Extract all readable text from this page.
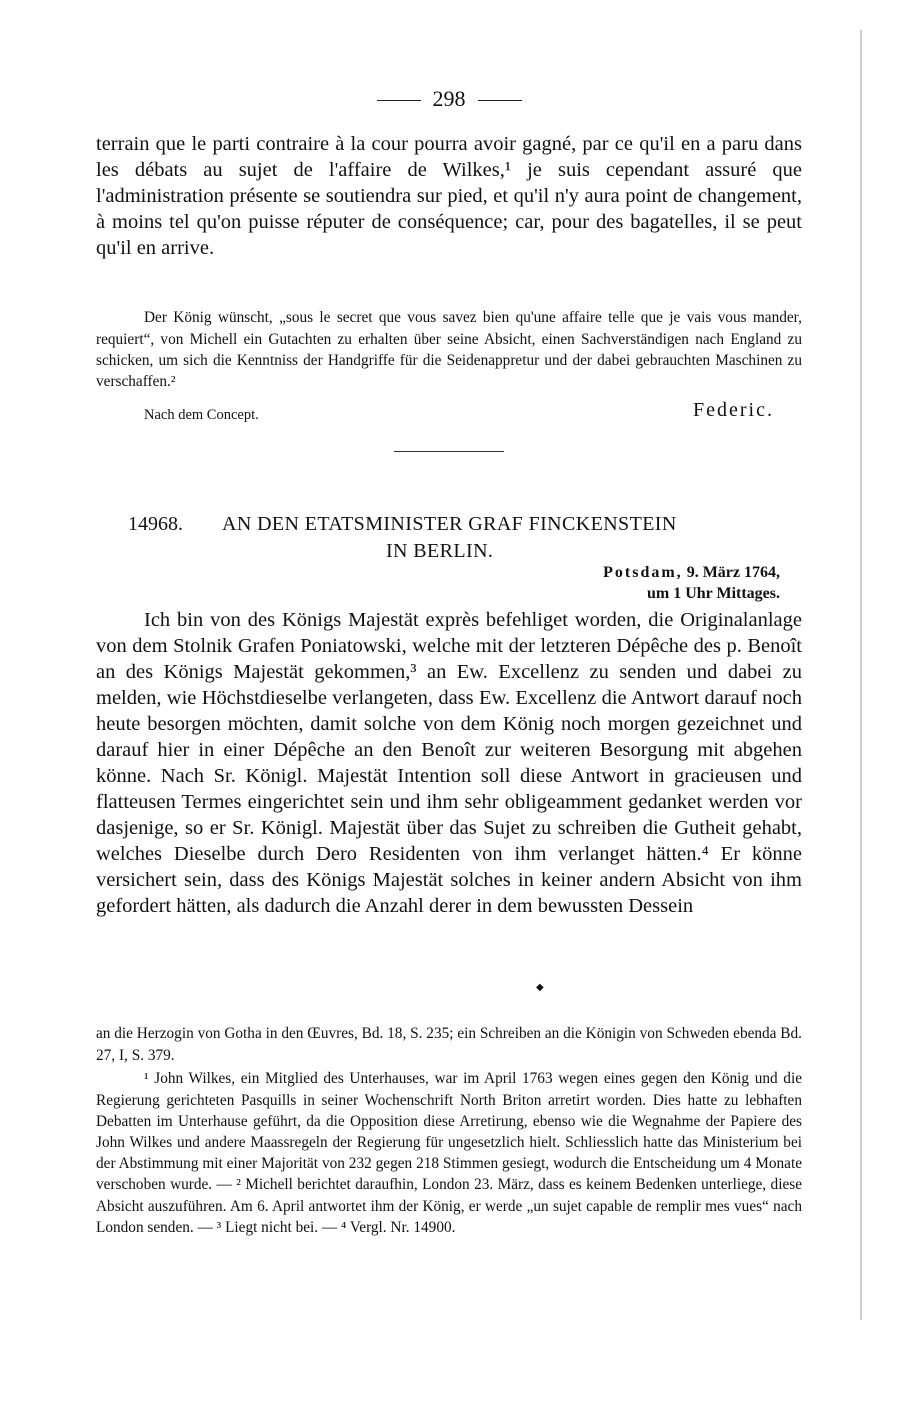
298

terrain que le parti contraire à la cour pourra avoir gagné, par ce qu'il en a paru dans les débats au sujet de l'affaire de Wilkes,¹ je suis cependant assuré que l'administration présente se soutiendra sur pied, et qu'il n'y aura point de changement, à moins tel qu'on puisse réputer de conséquence; car, pour des bagatelles, il se peut qu'il en arrive.

Der König wünscht, „sous le secret que vous savez bien qu'une affaire telle que je vais vous mander, requiert“, von Michell ein Gutachten zu erhalten über seine Absicht, einen Sachverständigen nach England zu schicken, um sich die Kenntniss der Handgriffe für die Seidenappretur und der dabei gebrauchten Maschinen zu verschaffen.²

Nach dem Concept.	Federic.
14968. AN DEN ETATSMINISTER GRAF FINCKENSTEIN
IN BERLIN.
Potsdam, 9. März 1764,
um 1 Uhr Mittages.

Ich bin von des Königs Majestät exprès befehliget worden, die Originalanlage von dem Stolnik Grafen Poniatowski, welche mit der letzteren Dépêche des p. Benoît an des Königs Majestät gekommen,³ an Ew. Excellenz zu senden und dabei zu melden, wie Höchstdieselbe verlangeten, dass Ew. Excellenz die Antwort darauf noch heute besorgen möchten, damit solche von dem König noch morgen gezeichnet und darauf hier in einer Dépêche an den Benoît zur weiteren Besorgung mit abgehen könne. Nach Sr. Königl. Majestät Intention soll diese Antwort in gracieusen und flatteusen Termes eingerichtet sein und ihm sehr obligeamment gedanket werden vor dasjenige, so er Sr. Königl. Majestät über das Sujet zu schreiben die Gutheit gehabt, welches Dieselbe durch Dero Residenten von ihm verlanget hätten.⁴ Er könne versichert sein, dass des Königs Majestät solches in keiner andern Absicht von ihm gefordert hätten, als dadurch die Anzahl derer in dem bewussten Dessein

◆

an die Herzogin von Gotha in den Œuvres, Bd. 18, S. 235; ein Schreiben an die Königin von Schweden ebenda Bd. 27, I, S. 379.

¹ John Wilkes, ein Mitglied des Unterhauses, war im April 1763 wegen eines gegen den König und die Regierung gerichteten Pasquills in seiner Wochenschrift North Briton arretirt worden. Dies hatte zu lebhaften Debatten im Unterhause geführt, da die Opposition diese Arretirung, ebenso wie die Wegnahme der Papiere des John Wilkes und andere Maassregeln der Regierung für ungesetzlich hielt. Schliesslich hatte das Ministerium bei der Abstimmung mit einer Majorität von 232 gegen 218 Stimmen gesiegt, wodurch die Entscheidung um 4 Monate verschoben wurde. — ² Michell berichtet daraufhin, London 23. März, dass es keinem Bedenken unterliege, diese Absicht auszuführen. Am 6. April antwortet ihm der König, er werde „un sujet capable de remplir mes vues“ nach London senden. — ³ Liegt nicht bei. — ⁴ Vergl. Nr. 14900.
